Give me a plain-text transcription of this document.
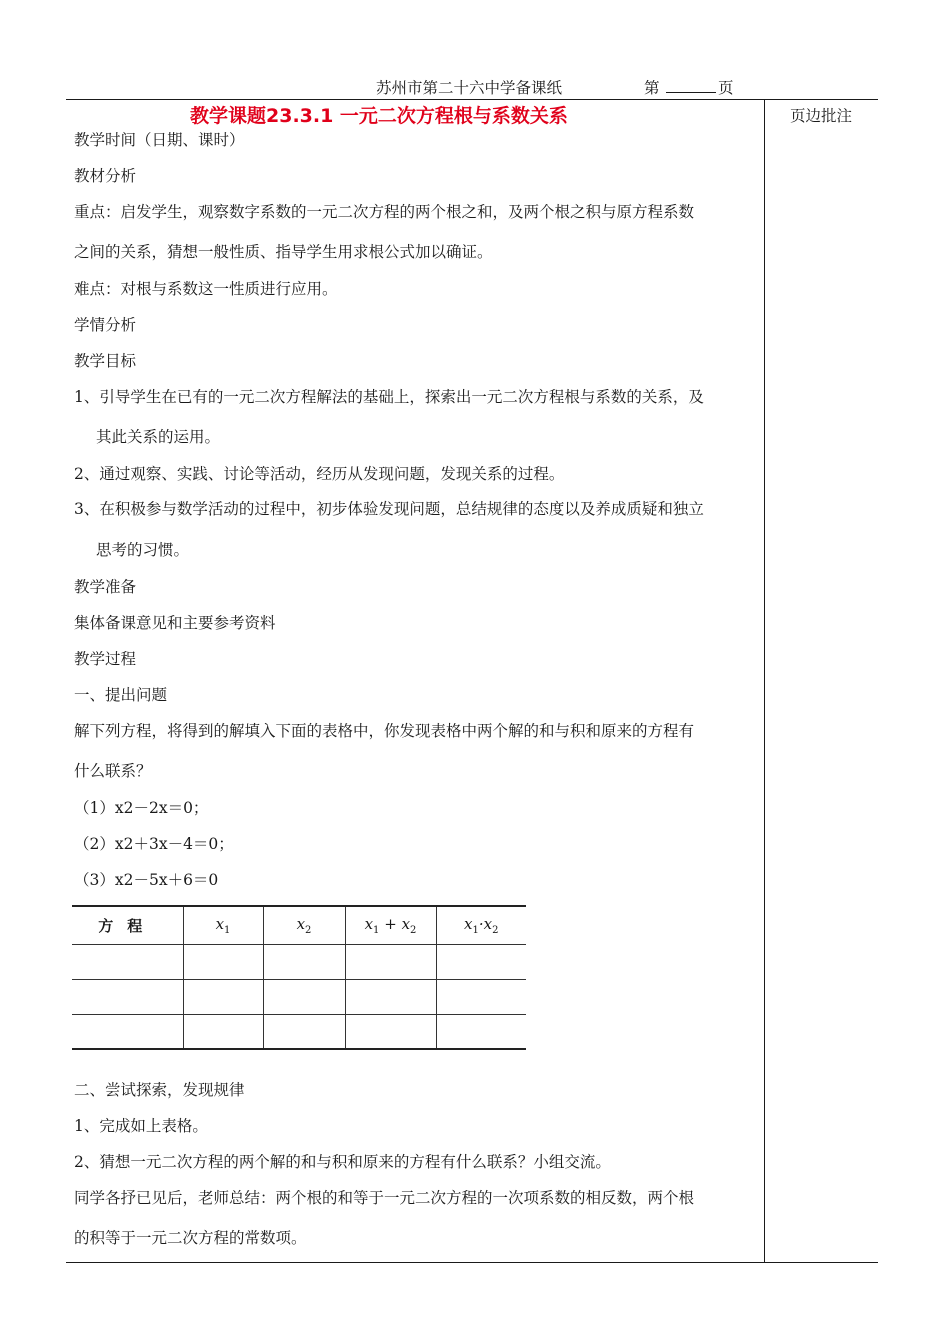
苏州市第二十六中学备课纸	第	页
页边批注
教学课题23.3.1 一元二次方程根与系数关系
教学时间（日期、课时）
教材分析
重点：启发学生，观察数字系数的一元二次方程的两个根之和，及两个根之积与原方程系数
之间的关系，猜想一般性质、指导学生用求根公式加以确证。
难点：对根与系数这一性质进行应用。
学情分析
教学目标
1、引导学生在已有的一元二次方程解法的基础上，探索出一元二次方程根与系数的关系，及
其此关系的运用。
2、通过观察、实践、讨论等活动，经历从发现问题，发现关系的过程。
3、在积极参与数学活动的过程中，初步体验发现问题，总结规律的态度以及养成质疑和独立
思考的习惯。
教学准备
集体备课意见和主要参考资料
教学过程
一、提出问题
解下列方程，将得到的解填入下面的表格中，你发现表格中两个解的和与积和原来的方程有
什么联系？
（1）x2－2x＝0；
（2）x2＋3x－4＝0；
（3）x2－5x＋6＝0
方程	$x_1$	$x_2$	$x_1 + x_2$	$x_1\cdot x_2$

二、尝试探索，发现规律
1、完成如上表格。
2、猜想一元二次方程的两个解的和与积和原来的方程有什么联系？小组交流。
同学各抒已见后，老师总结：两个根的和等于一元二次方程的一次项系数的相反数，两个根
的积等于一元二次方程的常数项。
